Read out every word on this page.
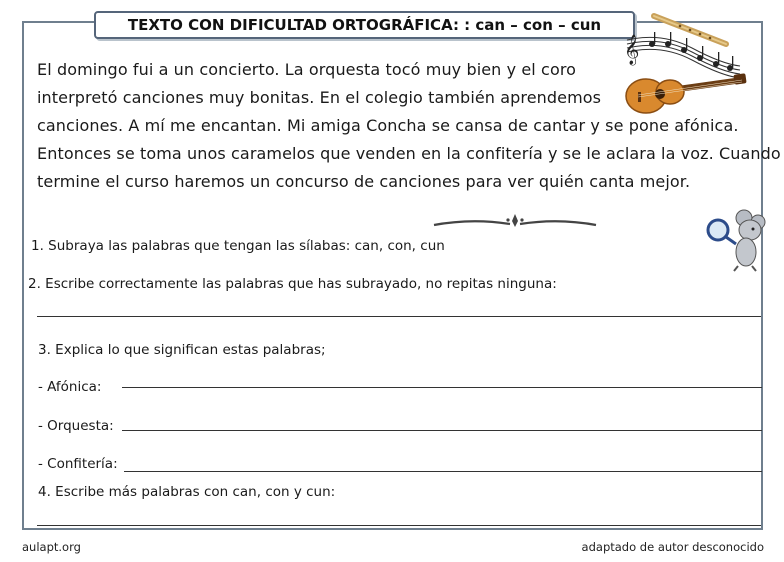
TEXTO CON DIFICULTAD ORTOGRÁFICA: : can – con – cun
𝄞
El domingo fui a un concierto. La orquesta tocó muy bien y el coro
interpretó canciones muy bonitas. En el colegio también aprendemos
canciones. A mí me encantan. Mi amiga Concha se cansa de cantar y se pone afónica.
Entonces se toma unos caramelos que venden en la confitería y se le aclara la voz. Cuando
termine el curso haremos un concurso de canciones para ver quién canta mejor.
1. Subraya las palabras que tengan las sílabas: can, con, cun
2. Escribe correctamente las palabras que has subrayado, no repitas ninguna:
3. Explica lo que significan estas palabras;
- Afónica:
- Orquesta:
- Confitería:
4. Escribe más palabras con can, con y cun:
aulapt.org	adaptado de autor desconocido
